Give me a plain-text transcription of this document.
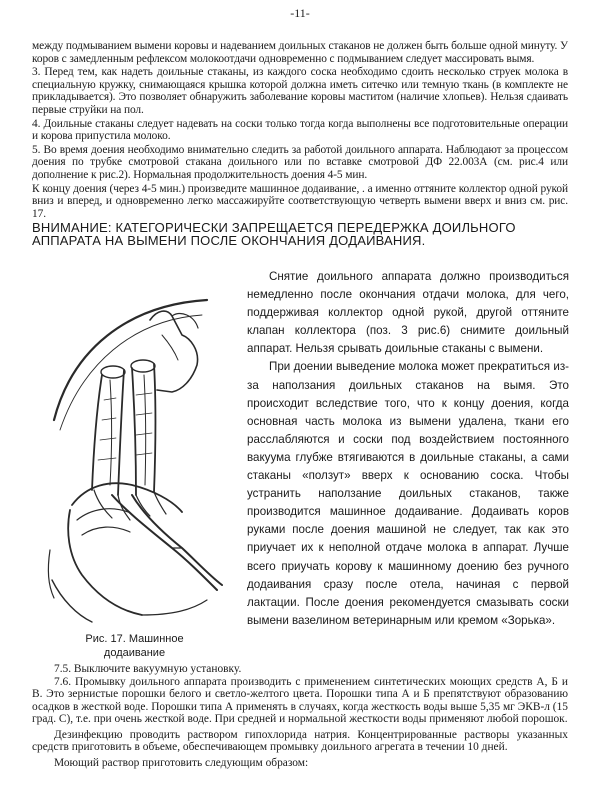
-11-

между подмыванием вымени коровы и надеванием доильных стаканов не должен быть больше одной минуту. У коров с замедленным рефлексом молокоотдачи одновременно с подмыванием следует массировать вымя.

3. Перед тем, как надеть доильные стаканы, из каждого соска необходимо сдоить несколько струек молока в специальную кружку, снимающаяся крышка которой должна иметь ситечко или темную ткань (в комплекте не прикладывается). Это позволяет обнаружить заболевание коровы маститом (наличие хлопьев). Нельзя сдаивать первые струйки на пол.

4. Доильные стаканы следует надевать на соски только тогда когда выполнены все подготовительные операции и корова припустила молоко.

5. Во время доения необходимо внимательно следить за работой доильного аппарата. Наблюдают за процессом доения по трубке смотровой стакана доильного или по вставке смотровой ДФ 22.003А (см. рис.4 или дополнение к рис.2). Нормальная продолжительность доения 4-5 мин.

К концу доения (через 4-5 мин.) произведите машинное додаивание, . а именно оттяните коллектор одной рукой вниз и вперед, и одновременно легко массажируйте соответствующую четверть вымени вверх и вниз см. рис. 17.

ВНИМАНИЕ: КАТЕГОРИЧЕСКИ ЗАПРЕЩАЕТСЯ ПЕРЕДЕРЖКА ДОИЛЬНОГО АППАРАТА НА ВЫМЕНИ ПОСЛЕ ОКОНЧАНИЯ ДОДАИВАНИЯ.

Рис. 17. Машинное
додаивание

Снятие доильного аппарата должно производиться немедленно после окончания отдачи молока, для чего, поддерживая коллектор одной рукой, другой оттяните клапан коллектора (поз. 3 рис.6) снимите доильный аппарат. Нельзя срывать доильные стаканы с вымени.

При доении выведение молока может прекратиться из-за наползания доильных стаканов на вымя. Это происходит вследствие того, что к концу доения, когда основная часть молока из вымени удалена, ткани его расслабляются и соски под воздействием постоянного вакуума глубже втягиваются в доильные стаканы, а сами стаканы «ползут» вверх к основанию соска. Чтобы устранить наползание доильных стаканов, также производится машинное додаивание. Додаивать коров руками после доения машиной не следует, так как это приучает их к неполной отдаче молока в аппарат. Лучше всего приучать корову к машинному доению без ручного додаивания сразу после отела, начиная с первой лактации. После доения рекомендуется смазывать соски вымени вазелином ветеринарным или кремом «Зорька».

7.5. Выключите вакуумную установку.

7.6. Промывку доильного аппарата производить с применением синтетических моющих средств А, Б и В. Это зернистые порошки белого и светло-желтого цвета. Порошки типа А и Б препятствуют образованию осадков в жесткой воде. Порошки типа А применять в случаях, когда жесткость воды выше 5,35 мг ЭКВ-л (15 град. С), т.е. при очень жесткой воде. При средней и нормальной жесткости воды применяют любой порошок.

Дезинфекцию проводить раствором гипохлорида натрия. Концентрированные растворы указанных средств приготовить в объеме, обеспечивающем промывку доильного агрегата в течении 10 дней.

Моющий раствор приготовить следующим образом:
